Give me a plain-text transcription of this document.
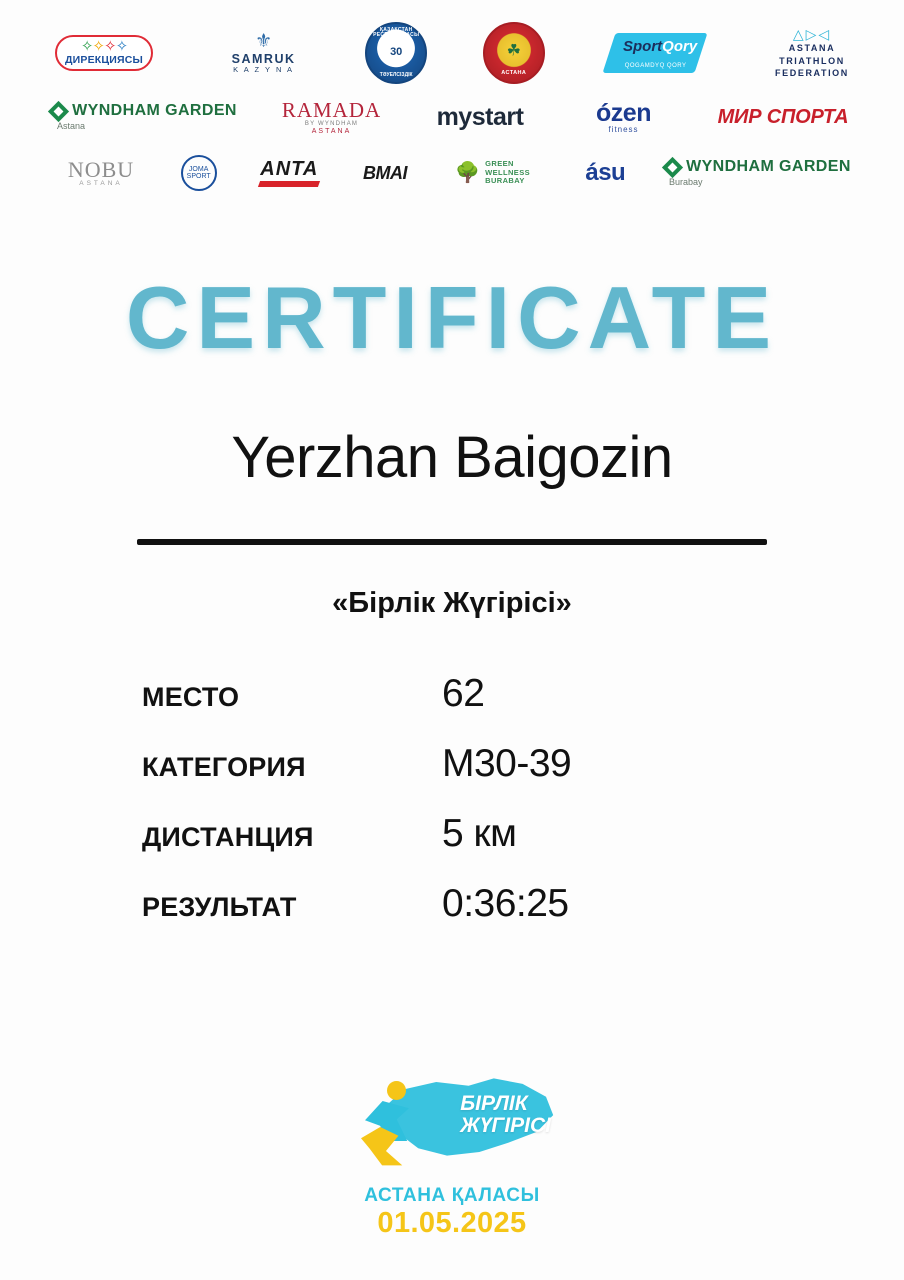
✧✧✧✧
ДИРЕКЦИЯСЫ
⚜
SAMRUK
K A Z Y N A
ҚАЗАҚСТАН РЕСПУБЛИКАСЫ
30
ТӘУЕЛСІЗДІК
☘
АСТАНА
SportQory
QOGAMDYQ QORY
△▷◁
ASTANA
TRIATHLON
FEDERATION
WYNDHAM GARDEN
Astana
RAMADA
BY WYNDHAM
ASTANA
mystart	ózen
fitness
МИР СПОРТА
NOBU
ASTANA
JOMA SPORT	ANTA BMAI 🌳️ GREEN
WELLNESS
BURABAY	ásu	WYNDHAM GARDEN
Burabay
CERTIFICATE
Yerzhan Baigozin
«Бірлік Жүгірісі»
МЕСТО	62
КАТЕГОРИЯ	М30-39
ДИСТАНЦИЯ	5 км
РЕЗУЛЬТАТ	0:36:25
БІРЛІК
ЖҮГІРІСІ
АСТАНА ҚАЛАСЫ
01.05.2025
